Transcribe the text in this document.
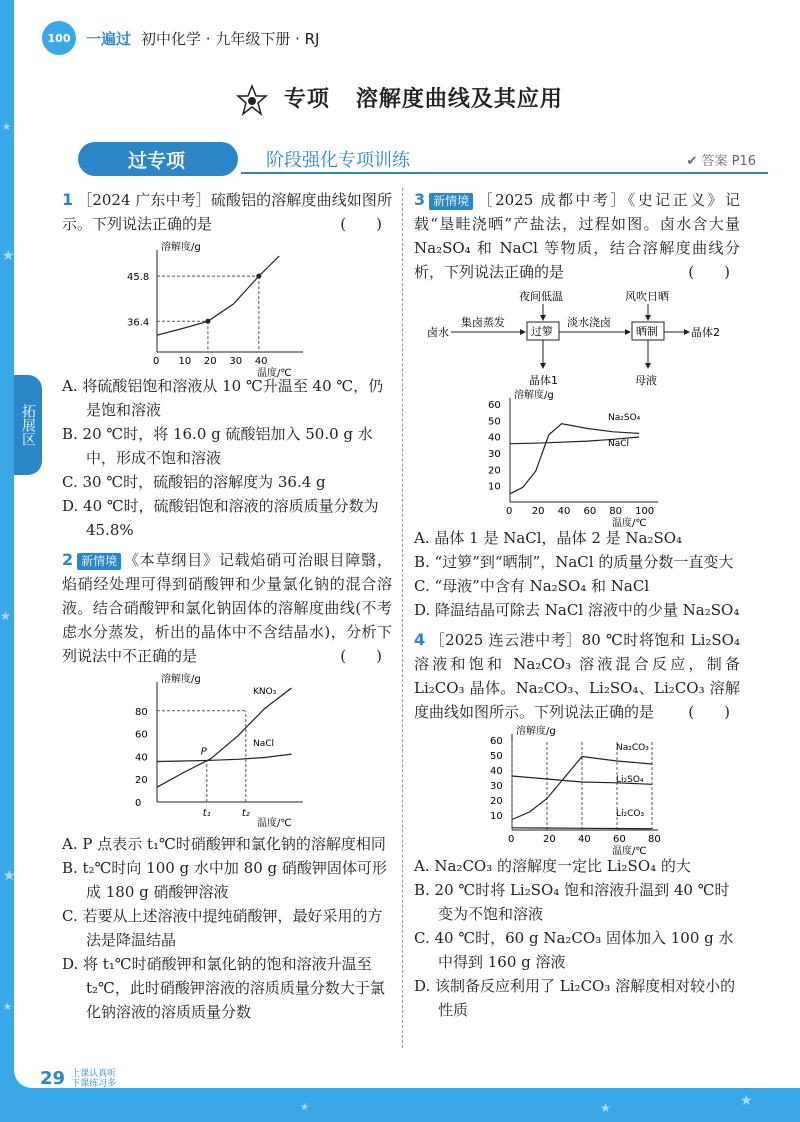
★
★
★
★
★	★
★
★
100	一遍过 初中化学 · 九年级下册 · RJ
专项   溶解度曲线及其应用
过专项	阶段强化专项训练	✔ 答案 P16
拓展区
1 ［2024 广东中考］硫酸铝的溶解度曲线如图所示。下列说法正确的是	(　　)
溶解度/g
温度/℃
0 10 20 30 40
36.4
45.8
A. 将硫酸铝饱和溶液从 10 ℃升温至 40 ℃，仍是饱和溶液
B. 20 ℃时，将 16.0 g 硫酸铝加入 50.0 g 水中，形成不饱和溶液
C. 30 ℃时，硫酸铝的溶解度为 36.4 g
D. 40 ℃时，硫酸铝饱和溶液的溶质质量分数为 45.8%
2 新情境 《本草纲目》记载焰硝可治眼目障翳，焰硝经处理可得到硝酸钾和少量氯化钠的混合溶液。结合硝酸钾和氯化钠固体的溶解度曲线(不考虑水分蒸发，析出的晶体中不含结晶水)，分析下列说法中不正确的是	(　　)
溶解度/g
温度/℃
0
20
40
60
80
KNO₃
NaCl
t₁	t₂
P
A. P 点表示 t₁℃时硝酸钾和氯化钠的溶解度相同
B. t₂℃时向 100 g 水中加 80 g 硝酸钾固体可形成 180 g 硝酸钾溶液
C. 若要从上述溶液中提纯硝酸钾，最好采用的方法是降温结晶
D. 将 t₁℃时硝酸钾和氯化钠的饱和溶液升温至 t₂℃，此时硝酸钾溶液的溶质质量分数大于氯化钠溶液的溶质质量分数
3 新情境 ［2025 成都中考］《史记正义》记载“垦畦浇晒”产盐法，过程如图。卤水含大量 Na₂SO₄ 和 NaCl 等物质，结合溶解度曲线分析，下列说法正确的是	(　　)
卤水
集卤蒸发
过箩
淡水浇卤
晒制	晶体2
夜间低温	风吹日晒
晶体1	母液
溶解度/g
温度/℃
0 20 40 60 80 100
10
20
30
40
50
60
Na₂SO₄
NaCl
A. 晶体 1 是 NaCl，晶体 2 是 Na₂SO₄
B. “过箩”到“晒制”，NaCl 的质量分数一直变大
C. “母液”中含有 Na₂SO₄ 和 NaCl
D. 降温结晶可除去 NaCl 溶液中的少量 Na₂SO₄
4 ［2025 连云港中考］80 ℃时将饱和 Li₂SO₄ 溶液和饱和 Na₂CO₃ 溶液混合反应，制备 Li₂CO₃ 晶体。Na₂CO₃、Li₂SO₄、Li₂CO₃ 溶解度曲线如图所示。下列说法正确的是 (　　)
溶解度/g
温度/℃
0	20 40 60 80
10
20
30
40
50
60
Na₂CO₃
Li₂SO₄
Li₂CO₃
A. Na₂CO₃ 的溶解度一定比 Li₂SO₄ 的大
B. 20 ℃时将 Li₂SO₄ 饱和溶液升温到 40 ℃时变为不饱和溶液
C. 40 ℃时，60 g Na₂CO₃ 固体加入 100 g 水中得到 160 g 溶液
D. 该制备反应利用了 Li₂CO₃ 溶解度相对较小的性质
29 上课认真听
下课练习多
